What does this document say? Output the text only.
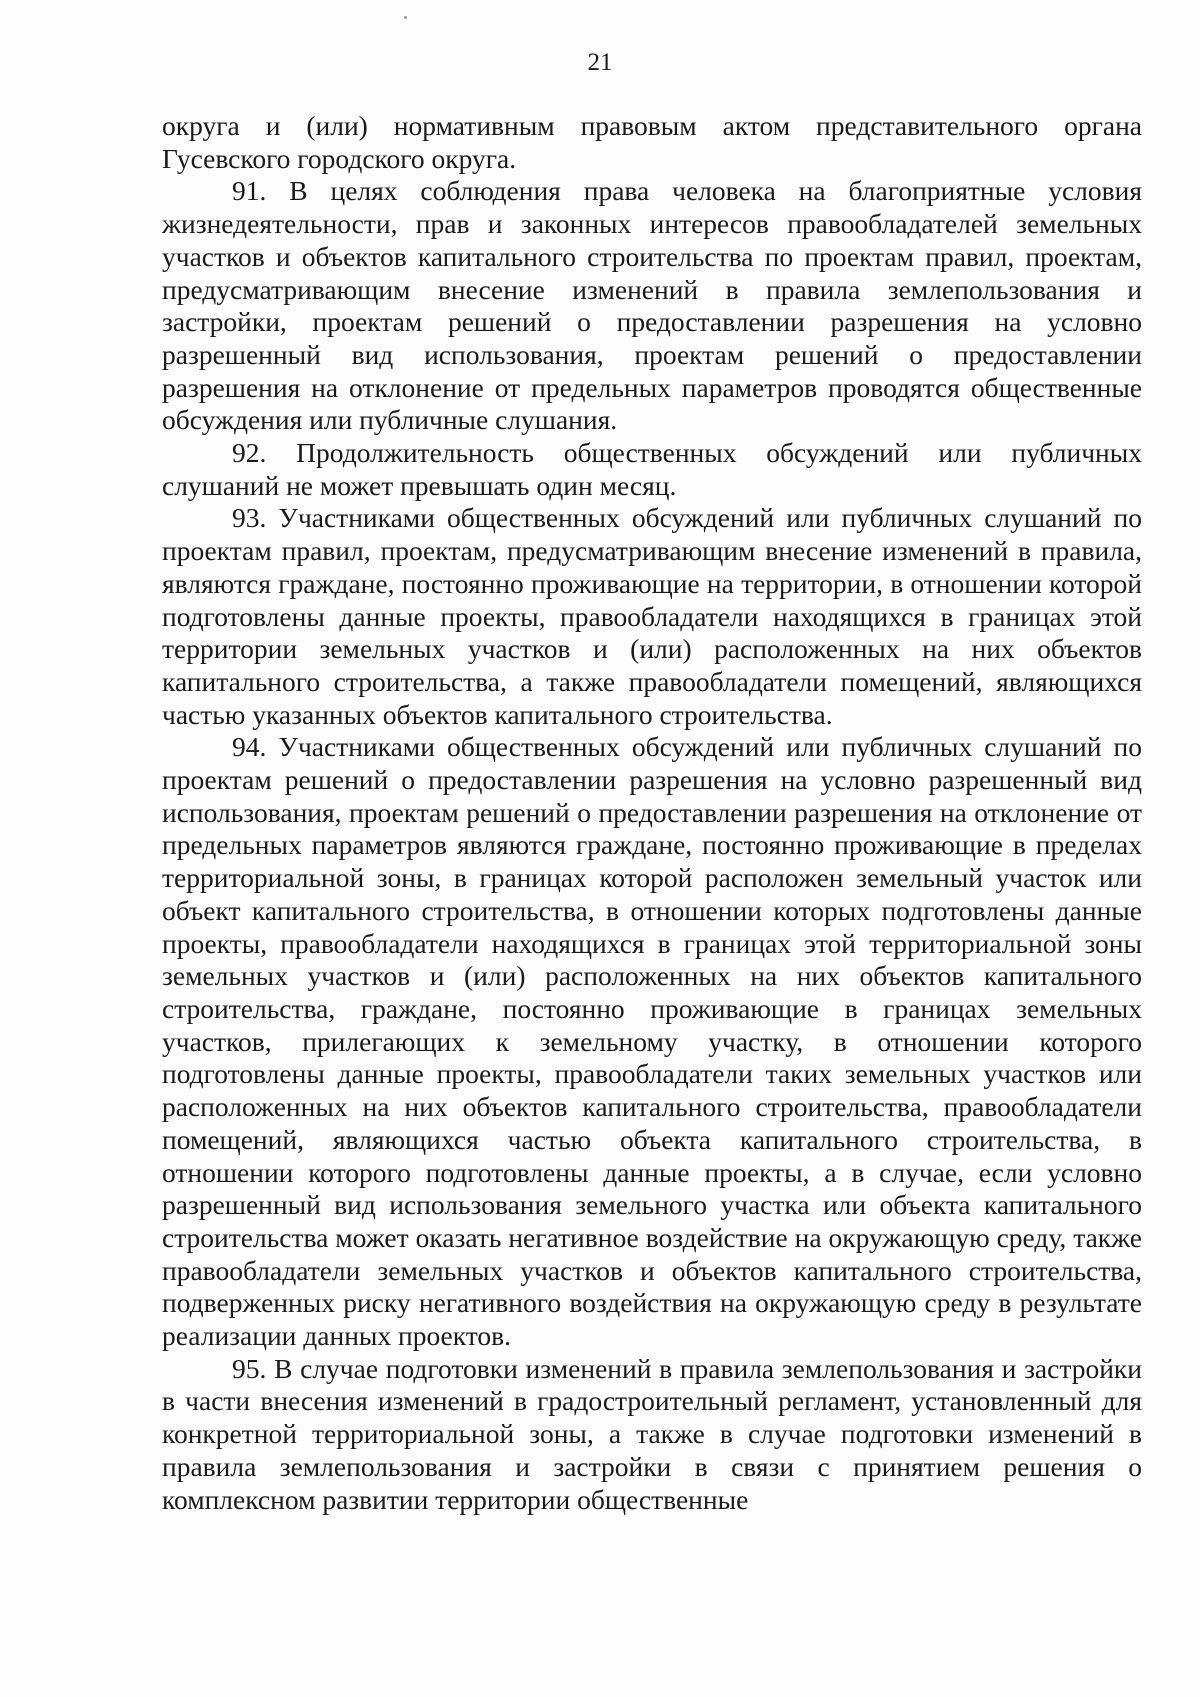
21

округа и (или) нормативным правовым актом представительного органа Гусевского городского округа.

91. В целях соблюдения права человека на благоприятные условия жизнедеятельности, прав и законных интересов правообладателей земельных участков и объектов капитального строительства по проектам правил, проектам, предусматривающим внесение изменений в правила землепользования и застройки, проектам решений о предоставлении разрешения на условно разрешенный вид использования, проектам решений о предоставлении разрешения на отклонение от предельных параметров проводятся общественные обсуждения или публичные слушания.

92. Продолжительность общественных обсуждений или публичных слушаний не может превышать один месяц.

93. Участниками общественных обсуждений или публичных слушаний по проектам правил, проектам, предусматривающим внесение изменений в правила, являются граждане, постоянно проживающие на территории, в отношении которой подготовлены данные проекты, правообладатели находящихся в границах этой территории земельных участков и (или) расположенных на них объектов капитального строительства, а также правообладатели помещений, являющихся частью указанных объектов капитального строительства.

94. Участниками общественных обсуждений или публичных слушаний по проектам решений о предоставлении разрешения на условно разрешенный вид использования, проектам решений о предоставлении разрешения на отклонение от предельных параметров являются граждане, постоянно проживающие в пределах территориальной зоны, в границах которой расположен земельный участок или объект капитального строительства, в отношении которых подготовлены данные проекты, правообладатели находящихся в границах этой территориальной зоны земельных участков и (или) расположенных на них объектов капитального строительства, граждане, постоянно проживающие в границах земельных участков, прилегающих к земельному участку, в отношении которого подготовлены данные проекты, правообладатели таких земельных участков или расположенных на них объектов капитального строительства, правообладатели помещений, являющихся частью объекта капитального строительства, в отношении которого подготовлены данные проекты, а в случае, если условно разрешенный вид использования земельного участка или объекта капитального строительства может оказать негативное воздействие на окружающую среду, также правообладатели земельных участков и объектов капитального строительства, подверженных риску негативного воздействия на окружающую среду в результате реализации данных проектов.

95. В случае подготовки изменений в правила землепользования и застройки в части внесения изменений в градостроительный регламент, установленный для конкретной территориальной зоны, а также в случае подготовки изменений в правила землепользования и застройки в связи с принятием решения о комплексном развитии территории общественные
